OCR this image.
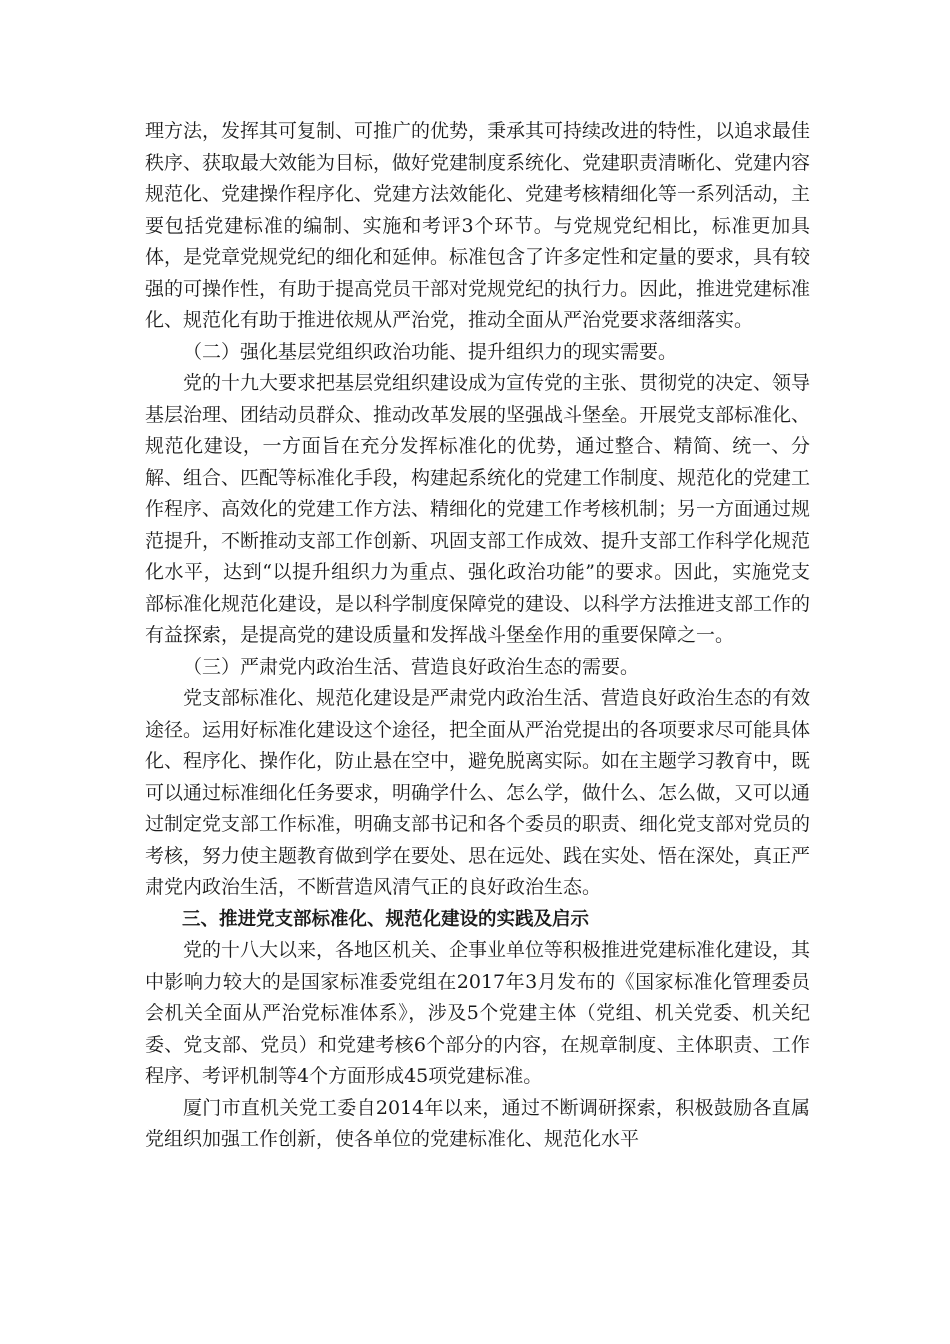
理方法，发挥其可复制、可推广的优势，秉承其可持续改进的特性，以追求最佳秩序、获取最大效能为目标，做好党建制度系统化、党建职责清晰化、党建内容规范化、党建操作程序化、党建方法效能化、党建考核精细化等一系列活动，主要包括党建标准的编制、实施和考评3个环节。与党规党纪相比，标准更加具体，是党章党规党纪的细化和延伸。标准包含了许多定性和定量的要求，具有较强的可操作性，有助于提高党员干部对党规党纪的执行力。因此，推进党建标准化、规范化有助于推进依规从严治党，推动全面从严治党要求落细落实。

（二）强化基层党组织政治功能、提升组织力的现实需要。

党的十九大要求把基层党组织建设成为宣传党的主张、贯彻党的决定、领导基层治理、团结动员群众、推动改革发展的坚强战斗堡垒。开展党支部标准化、规范化建设，一方面旨在充分发挥标准化的优势，通过整合、精简、统一、分解、组合、匹配等标准化手段，构建起系统化的党建工作制度、规范化的党建工作程序、高效化的党建工作方法、精细化的党建工作考核机制；另一方面通过规范提升，不断推动支部工作创新、巩固支部工作成效、提升支部工作科学化规范化水平，达到“以提升组织力为重点、强化政治功能”的要求。因此，实施党支部标准化规范化建设，是以科学制度保障党的建设、以科学方法推进支部工作的有益探索，是提高党的建设质量和发挥战斗堡垒作用的重要保障之一。

（三）严肃党内政治生活、营造良好政治生态的需要。

党支部标准化、规范化建设是严肃党内政治生活、营造良好政治生态的有效途径。运用好标准化建设这个途径，把全面从严治党提出的各项要求尽可能具体化、程序化、操作化，防止悬在空中，避免脱离实际。如在主题学习教育中，既可以通过标准细化任务要求，明确学什么、怎么学，做什么、怎么做，又可以通过制定党支部工作标准，明确支部书记和各个委员的职责、细化党支部对党员的考核，努力使主题教育做到学在要处、思在远处、践在实处、悟在深处，真正严肃党内政治生活，不断营造风清气正的良好政治生态。

三、推进党支部标准化、规范化建设的实践及启示

党的十八大以来，各地区机关、企事业单位等积极推进党建标准化建设，其中影响力较大的是国家标准委党组在2017年3月发布的《国家标准化管理委员会机关全面从严治党标准体系》，涉及5个党建主体（党组、机关党委、机关纪委、党支部、党员）和党建考核6个部分的内容，在规章制度、主体职责、工作程序、考评机制等4个方面形成45项党建标准。

厦门市直机关党工委自2014年以来，通过不断调研探索，积极鼓励各直属党组织加强工作创新，使各单位的党建标准化、规范化水平
